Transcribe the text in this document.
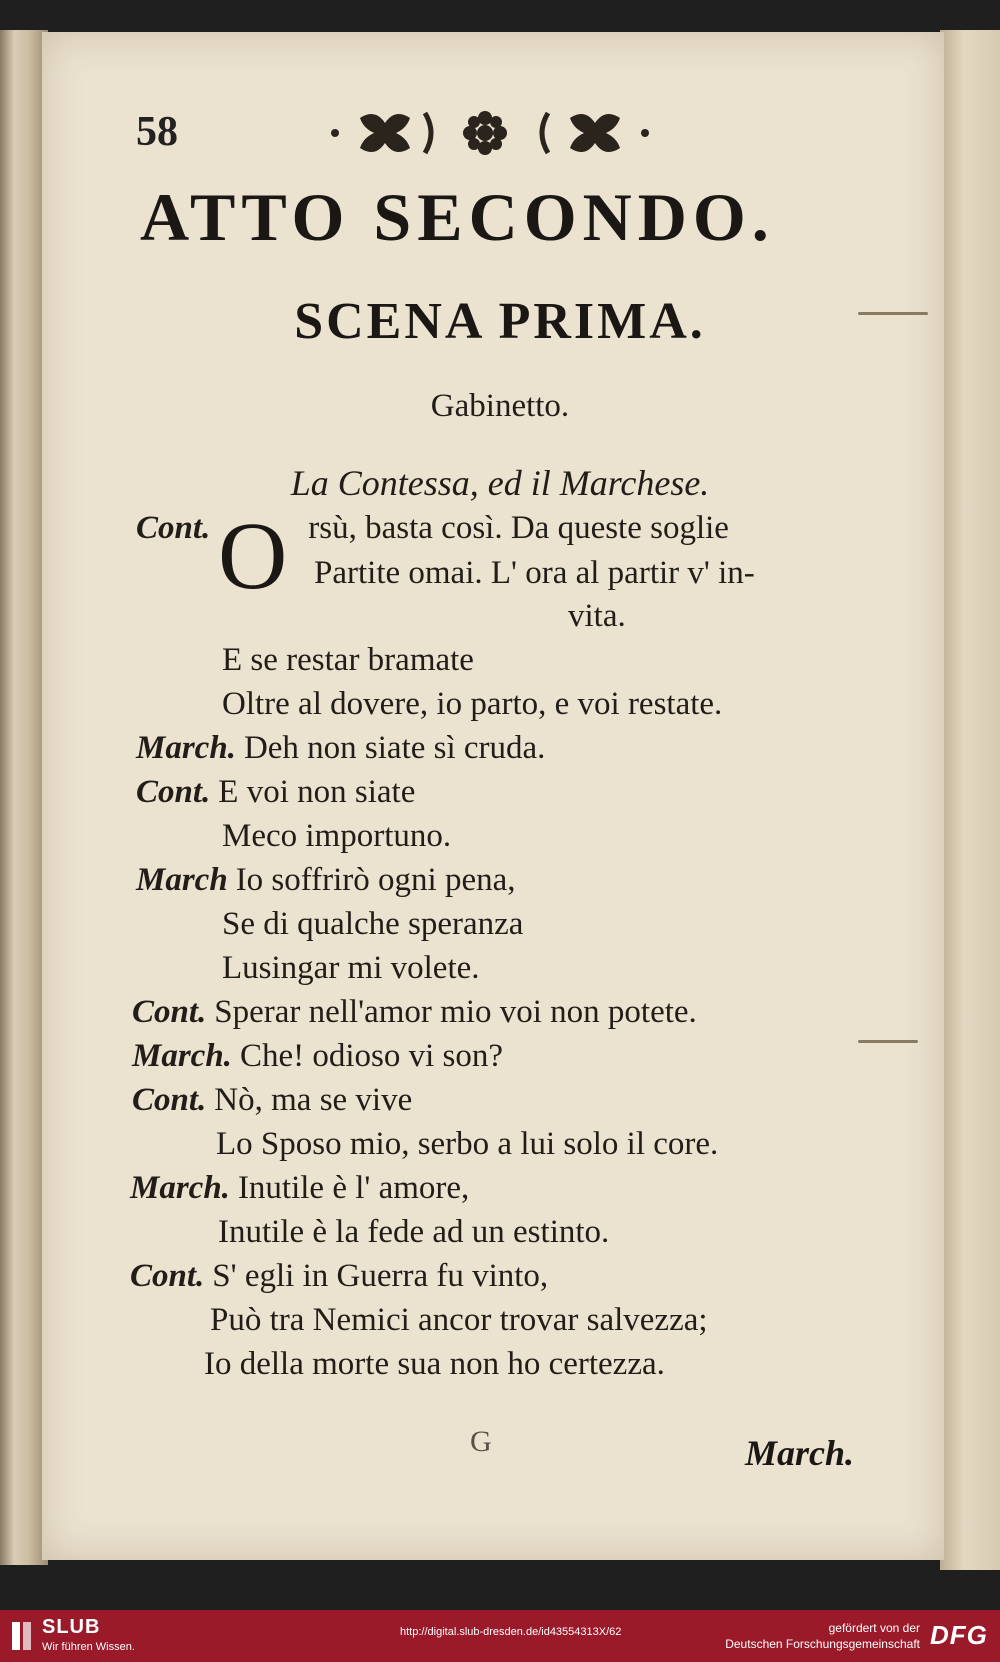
58
ATTO SECONDO.
SCENA PRIMA.
Gabinetto.
La Contessa, ed il Marchese.
O
Cont.	rsù, basta così. Da queste soglie
Partite omai. L' ora al partir v' in-
vita.
E se restar bramate
Oltre al dovere, io parto, e voi restate.
March. Deh non siate sì cruda.
Cont. E voi non siate
Meco importuno.
March Io soffrirò ogni pena,
Se di qualche speranza
Lusingar mi volete.
Cont. Sperar nell'amor mio voi non potete.
March. Che! odioso vi son?
Cont. Nò, ma se vive
Lo Sposo mio, serbo a lui solo il core.
March. Inutile è l' amore,
Inutile è la fede ad un estinto.
Cont. S' egli in Guerra fu vinto,
Può tra Nemici ancor trovar salvezza;
Io della morte sua non ho certezza.
G	March.
SLUB
Wir führen Wissen.
http://digital.slub-dresden.de/id43554313X/62	gefördert von der
Deutschen Forschungsgemeinschaft DFG
